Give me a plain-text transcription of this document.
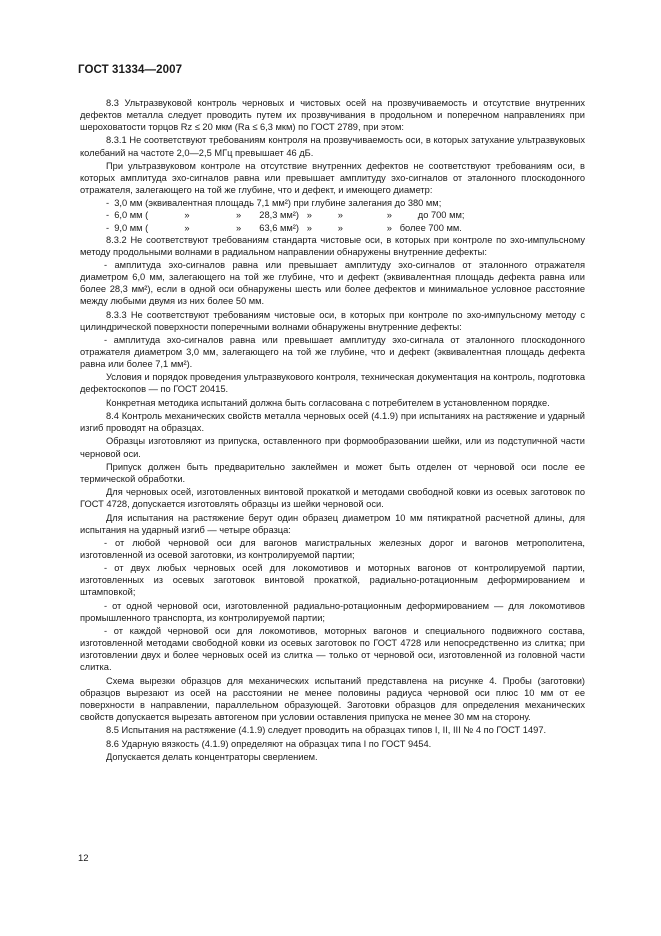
ГОСТ 31334—2007
8.3 Ультразвуковой контроль черновых и чистовых осей на прозвучиваемость и отсутствие внутренних дефектов металла следует проводить путем их прозвучивания в продольном и поперечном направлениях при шероховатости торцов Rz ≤ 20 мкм (Ra ≤ 6,3 мкм) по ГОСТ 2789, при этом:
8.3.1 Не соответствуют требованиям контроля на прозвучиваемость оси, в которых затухание ультразвуковых колебаний на частоте 2,0—2,5 МГц превышает 46 дБ.
При ультразвуковом контроле на отсутствие внутренних дефектов не соответствуют требованиям оси, в которых амплитуда эхо-сигналов равна или превышает амплитуду эхо-сигналов от эталонного плоскодонного отражателя, залегающего на той же глубине, что и дефект, и имеющего диаметр:
-  3,0 мм (эквивалентная площадь 7,1 мм²) при глубине залегания до 380 мм;
-  6,0 мм (              »                  »       28,3 мм²)   »          »                 »          до 700 мм;
-  9,0 мм (              »                  »       63,6 мм²)   »          »                 »   более 700 мм.
8.3.2 Не соответствуют требованиям стандарта чистовые оси, в которых при контроле по эхо-импульсному методу продольными волнами в радиальном направлении обнаружены внутренние дефекты:
- амплитуда эхо-сигналов равна или превышает амплитуду эхо-сигналов от эталонного отражателя диаметром 6,0 мм, залегающего на той же глубине, что и дефект (эквивалентная площадь дефекта равна или более 28,3 мм²), если в одной оси обнаружены шесть или более дефектов и минимальное условное расстояние между любыми двумя из них более 50 мм.
8.3.3 Не соответствуют требованиям чистовые оси, в которых при контроле по эхо-импульсному методу с цилиндрической поверхности поперечными волнами обнаружены внутренние дефекты:
- амплитуда эхо-сигналов равна или превышает амплитуду эхо-сигнала от эталонного плоскодонного отражателя диаметром 3,0 мм, залегающего на той же глубине, что и дефект (эквивалентная площадь дефекта равна или более 7,1 мм²).
Условия и порядок проведения ультразвукового контроля, техническая документация на контроль, подготовка дефектоскопов — по ГОСТ 20415.
Конкретная методика испытаний должна быть согласована с потребителем в установленном порядке.
8.4 Контроль механических свойств металла черновых осей (4.1.9) при испытаниях на растяжение и ударный изгиб проводят на образцах.
Образцы изготовляют из припуска, оставленного при формообразовании шейки, или из подступичной части черновой оси.
Припуск должен быть предварительно заклеймен и может быть отделен от черновой оси после ее термической обработки.
Для черновых осей, изготовленных винтовой прокаткой и методами свободной ковки из осевых заготовок по ГОСТ 4728, допускается изготовлять образцы из шейки черновой оси.
Для испытания на растяжение берут один образец диаметром 10 мм пятикратной расчетной длины, для испытания на ударный изгиб — четыре образца:
- от любой черновой оси для вагонов магистральных железных дорог и вагонов метрополитена, изготовленной из осевой заготовки, из контролируемой партии;
- от двух любых черновых осей для локомотивов и моторных вагонов от контролируемой партии, изготовленных из осевых заготовок винтовой прокаткой, радиально-ротационным деформированием и штамповкой;
- от одной черновой оси, изготовленной радиально-ротационным деформированием — для локомотивов промышленного транспорта, из контролируемой партии;
- от каждой черновой оси для локомотивов, моторных вагонов и специального подвижного состава, изготовленной методами свободной ковки из осевых заготовок по ГОСТ 4728 или непосредственно из слитка; при изготовлении двух и более черновых осей из слитка — только от черновой оси, изготовленной из головной части слитка.
Схема вырезки образцов для механических испытаний представлена на рисунке 4. Пробы (заготовки) образцов вырезают из осей на расстоянии не менее половины радиуса черновой оси плюс 10 мм от ее поверхности в направлении, параллельном образующей. Заготовки образцов для определения механических свойств допускается вырезать автогеном при условии оставления припуска не менее 30 мм на сторону.
8.5 Испытания на растяжение (4.1.9) следует проводить на образцах типов I, II, III № 4 по ГОСТ 1497.
8.6 Ударную вязкость (4.1.9) определяют на образцах типа I по ГОСТ 9454.
Допускается делать концентраторы сверлением.
12
